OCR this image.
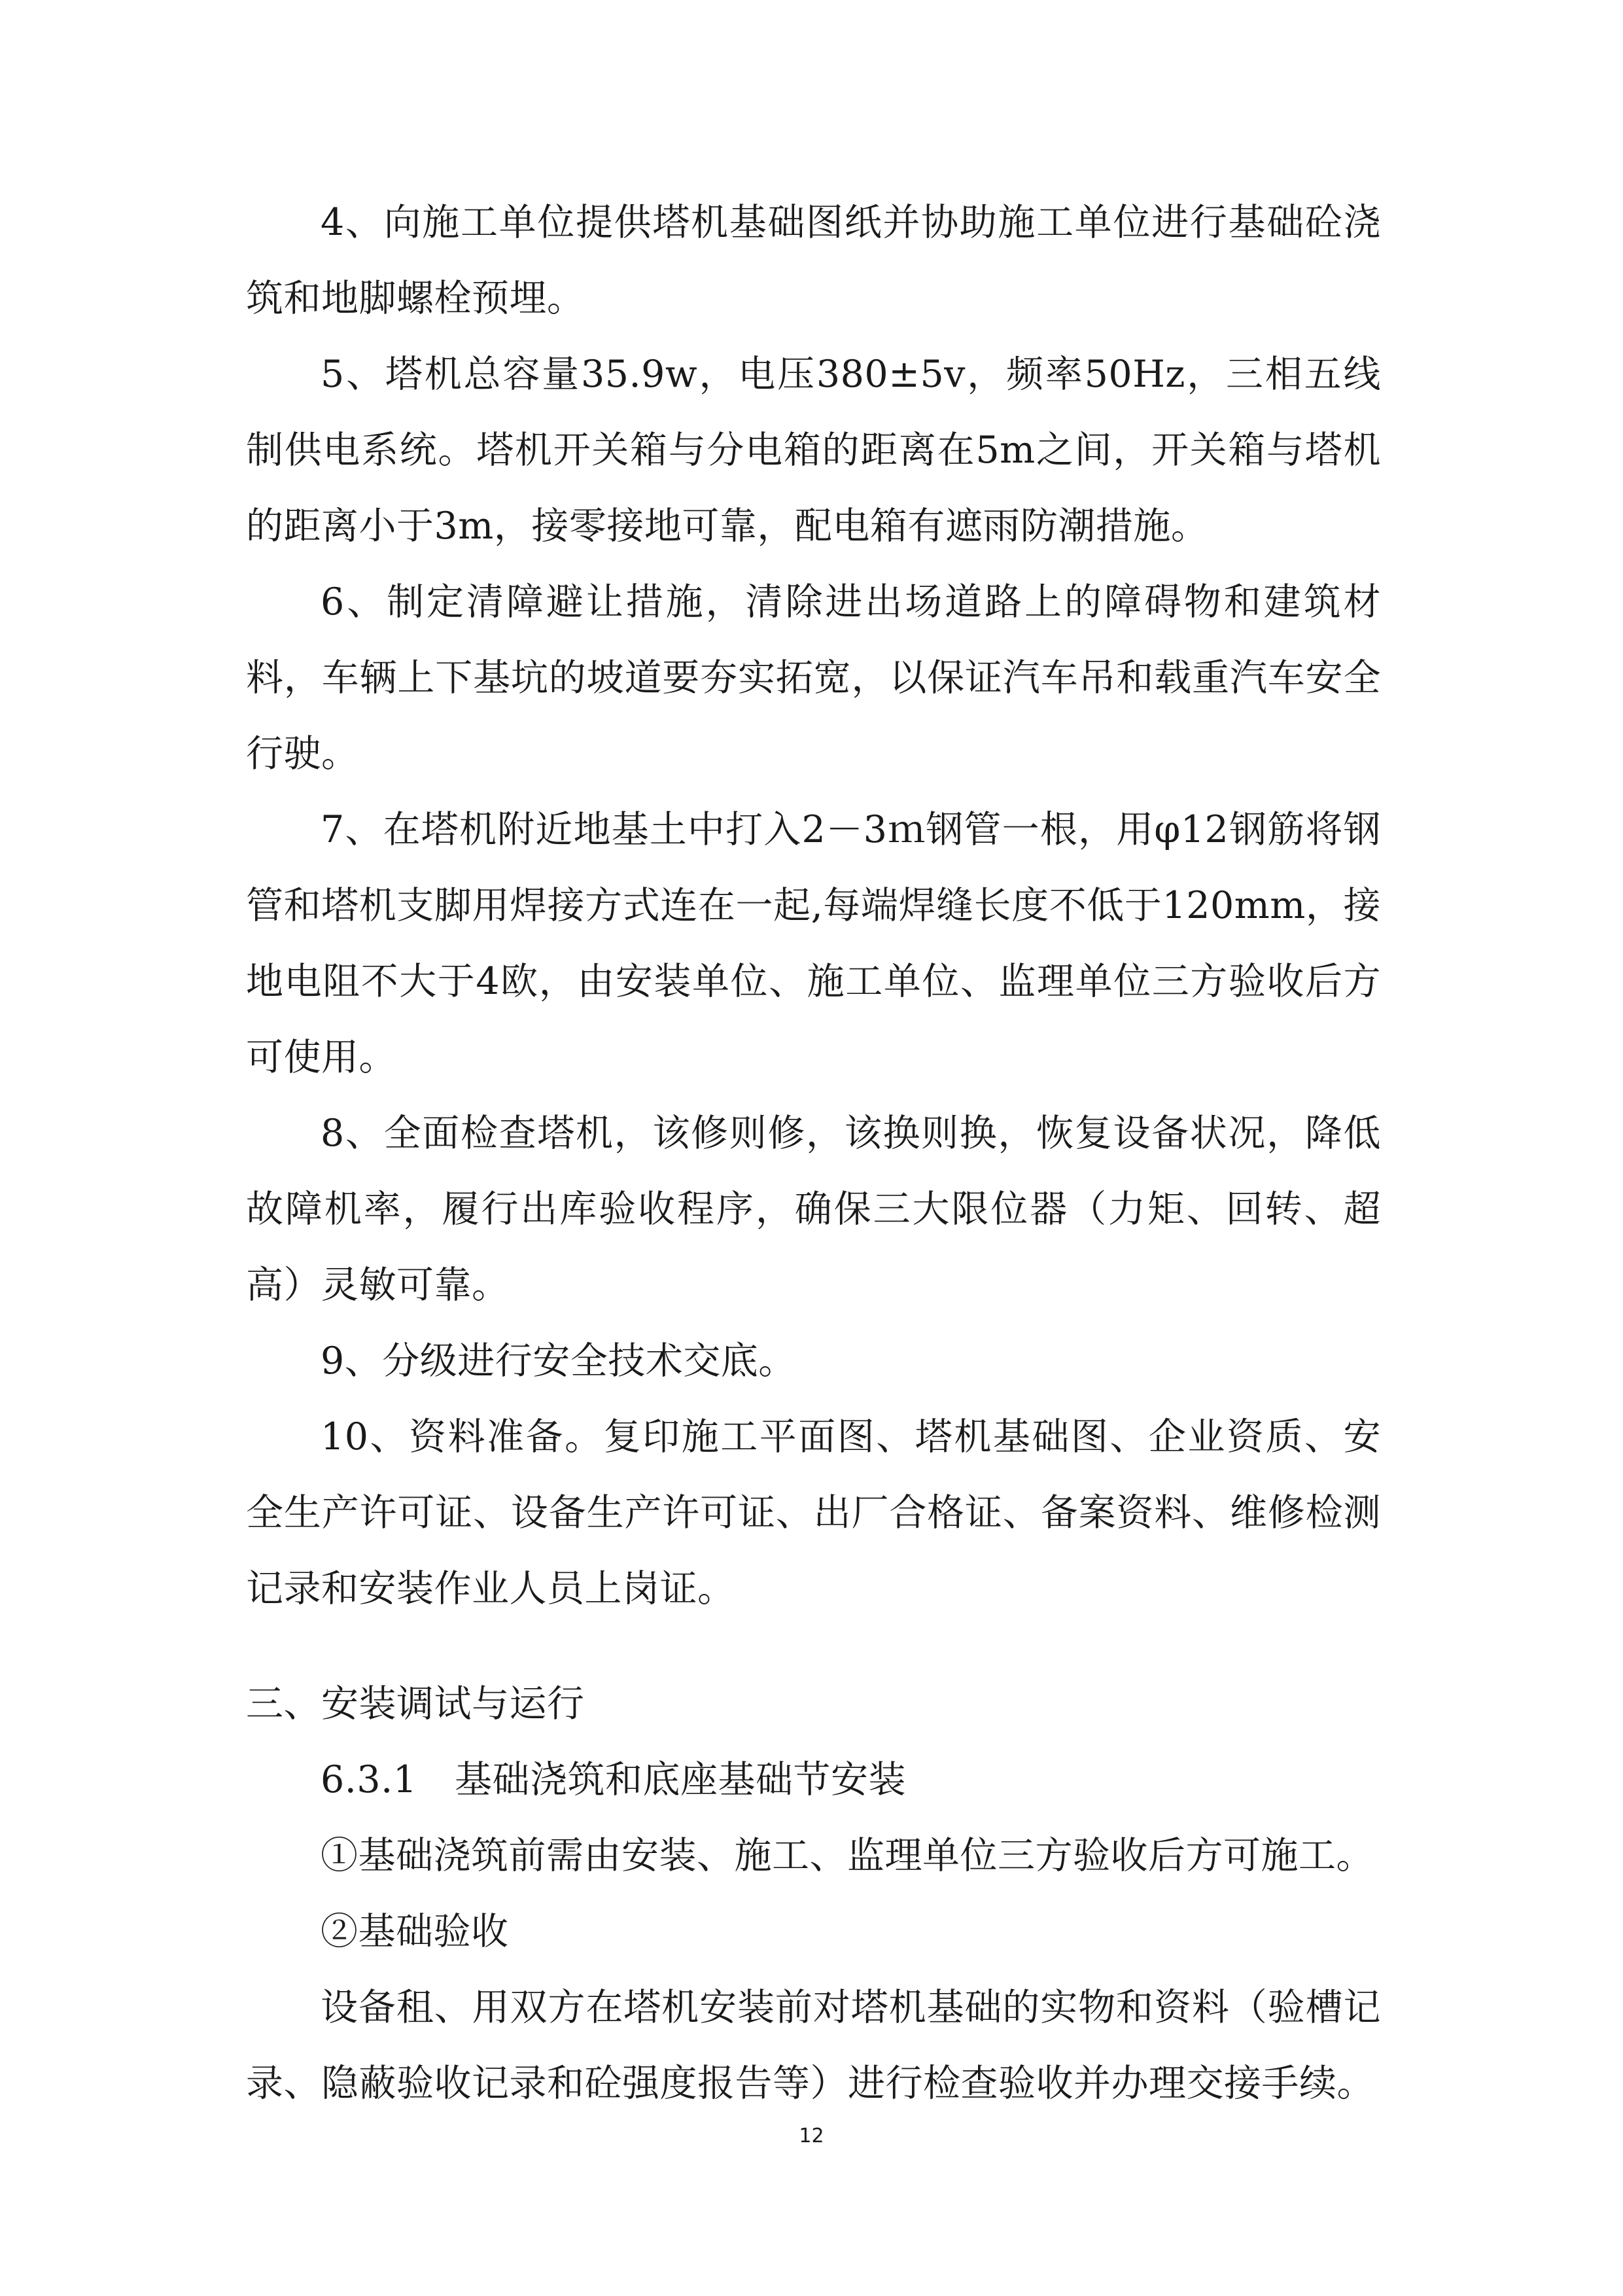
4、向施工单位提供塔机基础图纸并协助施工单位进行基础砼浇筑和地脚螺栓预埋。

5、塔机总容量35.9w，电压380±5v，频率50Hz，三相五线制供电系统。塔机开关箱与分电箱的距离在5m之间，开关箱与塔机的距离小于3m，接零接地可靠，配电箱有遮雨防潮措施。

6、制定清障避让措施，清除进出场道路上的障碍物和建筑材料，车辆上下基坑的坡道要夯实拓宽，以保证汽车吊和载重汽车安全行驶。

7、在塔机附近地基土中打入2－3ｍ钢管一根，用φ12钢筋将钢管和塔机支脚用焊接方式连在一起,每端焊缝长度不低于120mm，接地电阻不大于4欧，由安装单位、施工单位、监理单位三方验收后方可使用。

8、全面检查塔机，该修则修，该换则换，恢复设备状况，降低故障机率，履行出库验收程序，确保三大限位器（力矩、回转、超高）灵敏可靠。

9、分级进行安全技术交底。

10、资料准备。复印施工平面图、塔机基础图、企业资质、安全生产许可证、设备生产许可证、出厂合格证、备案资料、维修检测记录和安装作业人员上岗证。

三、安装调试与运行

6.3.1　基础浇筑和底座基础节安装

①基础浇筑前需由安装、施工、监理单位三方验收后方可施工。

②基础验收

设备租、用双方在塔机安装前对塔机基础的实物和资料（验槽记录、隐蔽验收记录和砼强度报告等）进行检查验收并办理交接手续。

12
